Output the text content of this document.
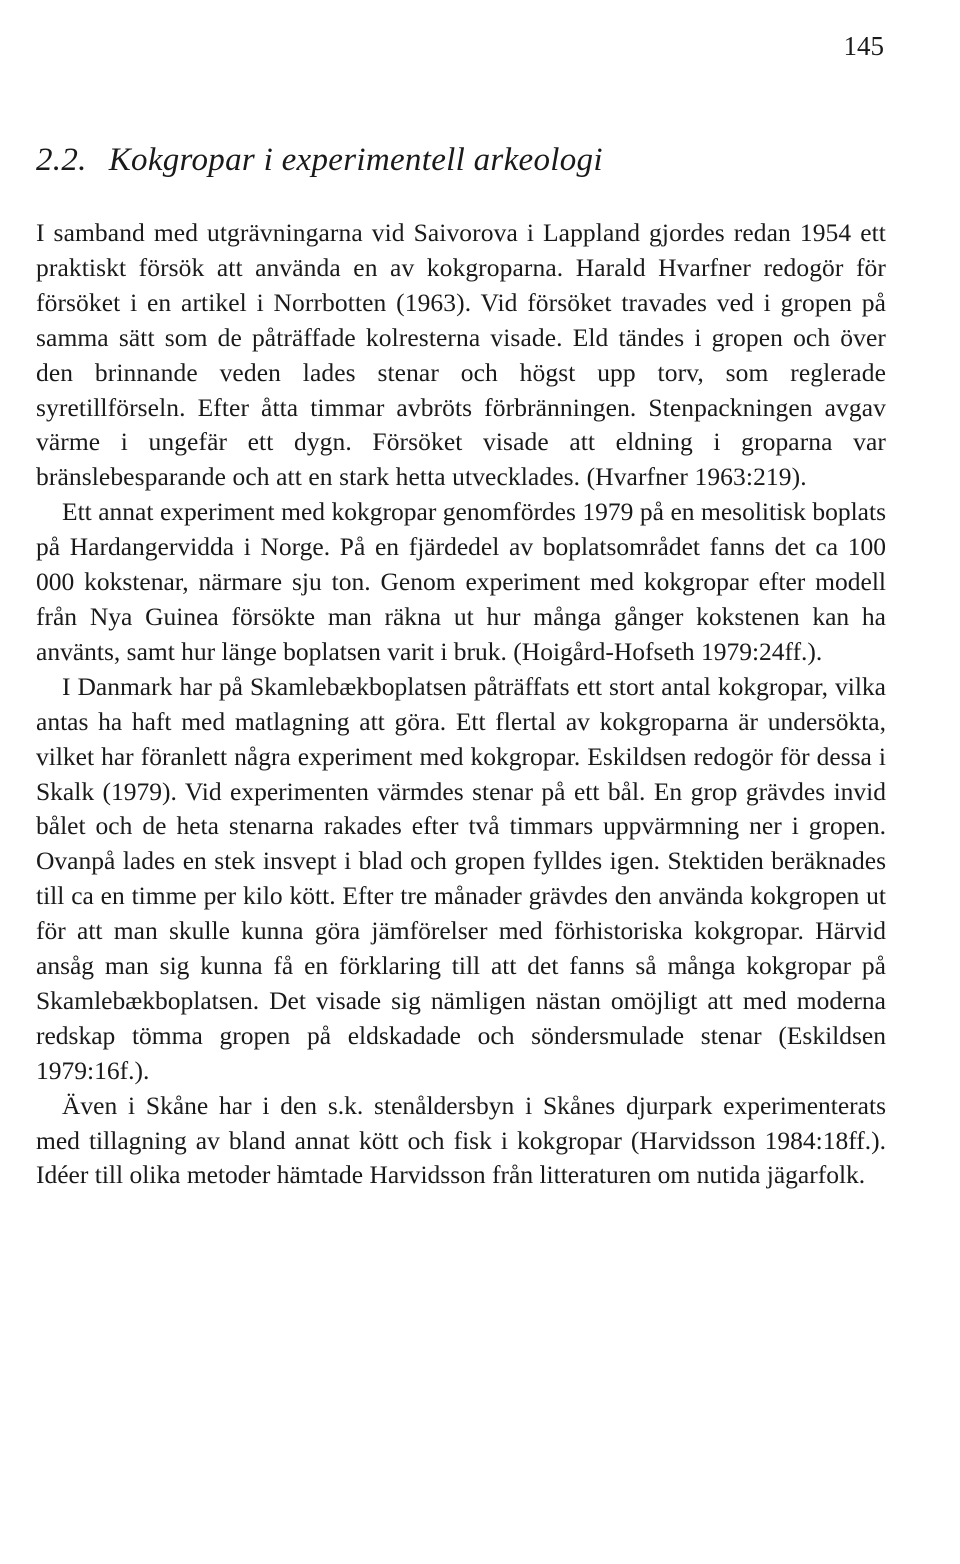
145
2.2. Kokgropar i experimentell arkeologi

I samband med utgrävningarna vid Saivorova i Lappland gjordes redan 1954 ett praktiskt försök att använda en av kokgroparna. Harald Hvarfner redogör för försöket i en artikel i Norrbotten (1963). Vid försöket travades ved i gropen på samma sätt som de påträffade kolresterna visade. Eld tändes i gropen och över den brinnande veden lades stenar och högst upp torv, som reglerade syretillförseln. Efter åtta timmar avbröts förbränningen. Stenpackningen avgav värme i ungefär ett dygn. Försöket visade att eldning i groparna var bränslebesparande och att en stark hetta utvecklades. (Hvarfner 1963:219).

Ett annat experiment med kokgropar genomfördes 1979 på en mesolitisk boplats på Hardangervidda i Norge. På en fjärdedel av boplatsområdet fanns det ca 100 000 kokstenar, närmare sju ton. Genom experiment med kokgropar efter modell från Nya Guinea försökte man räkna ut hur många gånger kokstenen kan ha använts, samt hur länge boplatsen varit i bruk. (Hoigård-Hofseth 1979:24ff.).

I Danmark har på Skamlebækboplatsen påträffats ett stort antal kokgropar, vilka antas ha haft med matlagning att göra. Ett flertal av kokgroparna är undersökta, vilket har föranlett några experiment med kokgropar. Eskildsen redogör för dessa i Skalk (1979). Vid experimenten värmdes stenar på ett bål. En grop grävdes invid bålet och de heta stenarna rakades efter två timmars uppvärmning ner i gropen. Ovanpå lades en stek insvept i blad och gropen fylldes igen. Stektiden beräknades till ca en timme per kilo kött. Efter tre månader grävdes den använda kokgropen ut för att man skulle kunna göra jämförelser med förhistoriska kokgropar. Härvid ansåg man sig kunna få en förklaring till att det fanns så många kokgropar på Skamlebækboplatsen. Det visade sig nämligen nästan omöjligt att med moderna redskap tömma gropen på eldskadade och söndersmulade stenar (Eskildsen 1979:16f.).

Även i Skåne har i den s.k. stenåldersbyn i Skånes djurpark experimenterats med tillagning av bland annat kött och fisk i kokgropar (Harvidsson 1984:18ff.). Idéer till olika metoder hämtade Harvidsson från litteraturen om nutida jägarfolk.
